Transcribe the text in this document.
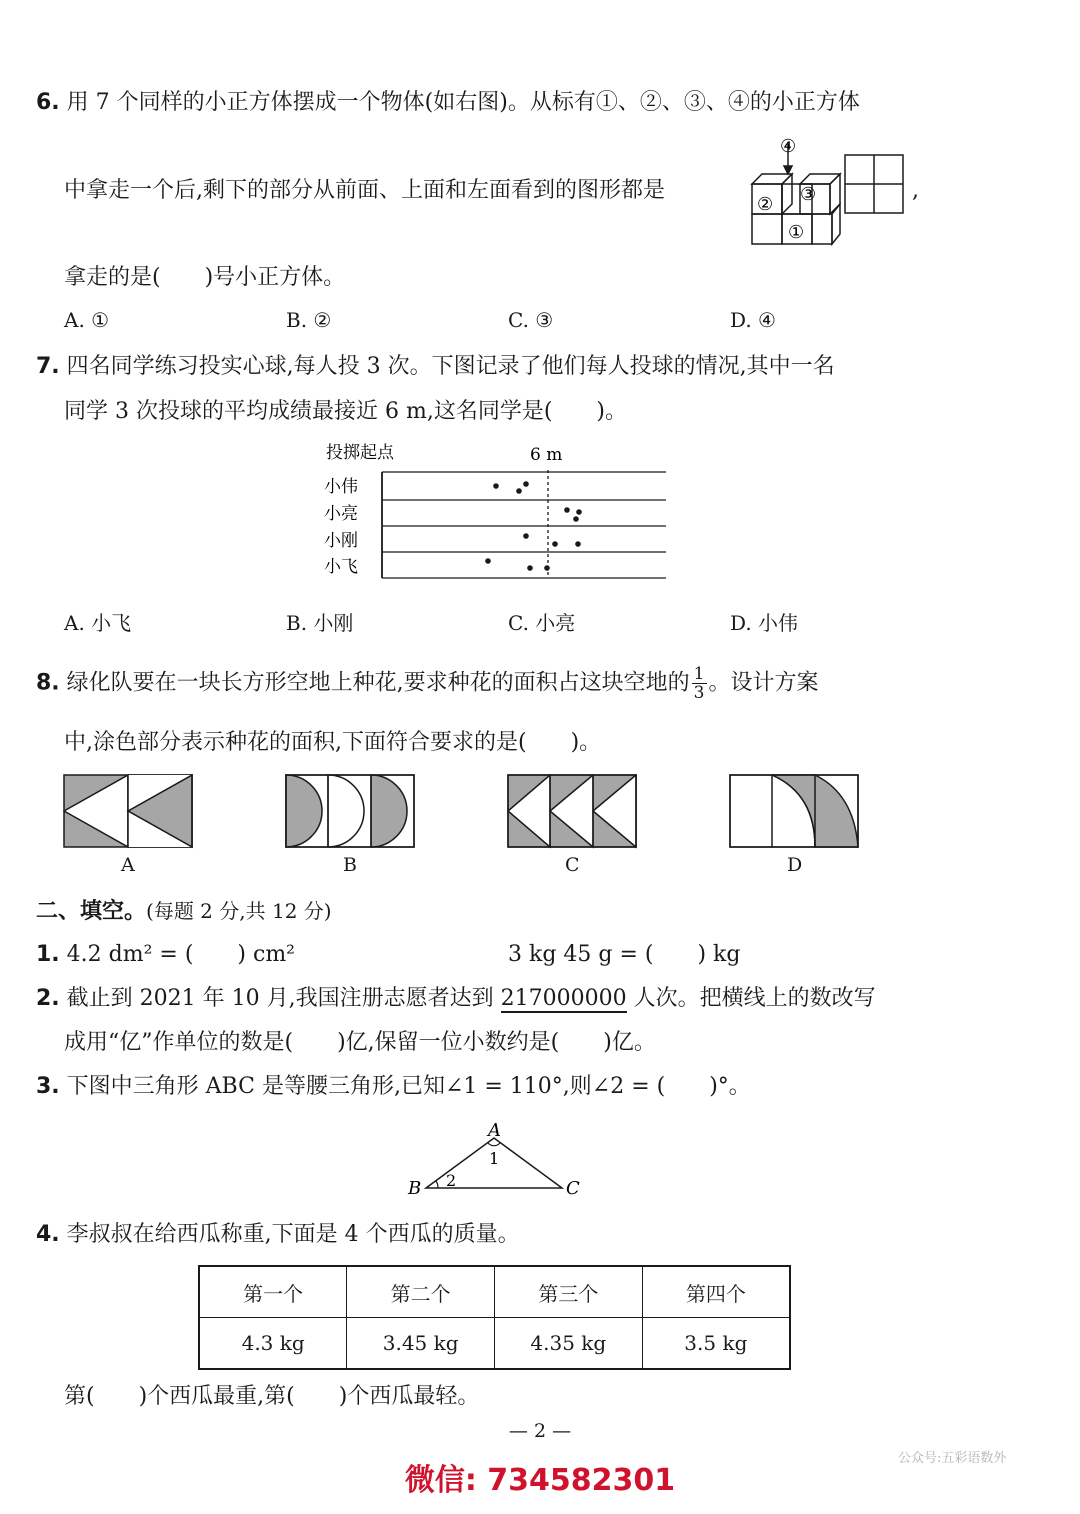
6. 用 7 个同样的小正方体摆成一个物体(如右图)。从标有①、②、③、④的小正方体
中拿走一个后,剩下的部分从前面、上面和左面看到的图形都是
④
② ③
①
,
拿走的是(　　)号小正方体。
A. ①	B. ②	C. ③	D. ④
7. 四名同学练习投实心球,每人投 3 次。下图记录了他们每人投球的情况,其中一名
同学 3 次投球的平均成绩最接近 6 m,这名同学是(　　)。
投掷起点	6 m
小伟
小亮
小刚
小飞
A. 小飞	B. 小刚	C. 小亮	D. 小伟
8. 绿化队要在一块长方形空地上种花,要求种花的面积占这块空地的 $\frac{1}{3}$ 。设计方案
中,涂色部分表示种花的面积,下面符合要求的是(　　)。
A	B	C	D
二、填空。(每题 2 分,共 12 分)
1. 4.2 dm² = (　　) cm²	3 kg 45 g = (　　) kg
2. 截止到 2021 年 10 月,我国注册志愿者达到 217000000 人次。把横线上的数改写
成用“亿”作单位的数是(　　)亿,保留一位小数约是(　　)亿。
3. 下图中三角形 ABC 是等腰三角形,已知∠1 = 110°,则∠2 = (　　)°。
A
B	C
1
2
4. 李叔叔在给西瓜称重,下面是 4 个西瓜的质量。
第一个	第二个	第三个	第四个
4.3 kg	3.45 kg	4.35 kg	3.5 kg
第(　　)个西瓜最重,第(　　)个西瓜最轻。
— 2 —
公众号:五彩语数外
微信: 734582301
